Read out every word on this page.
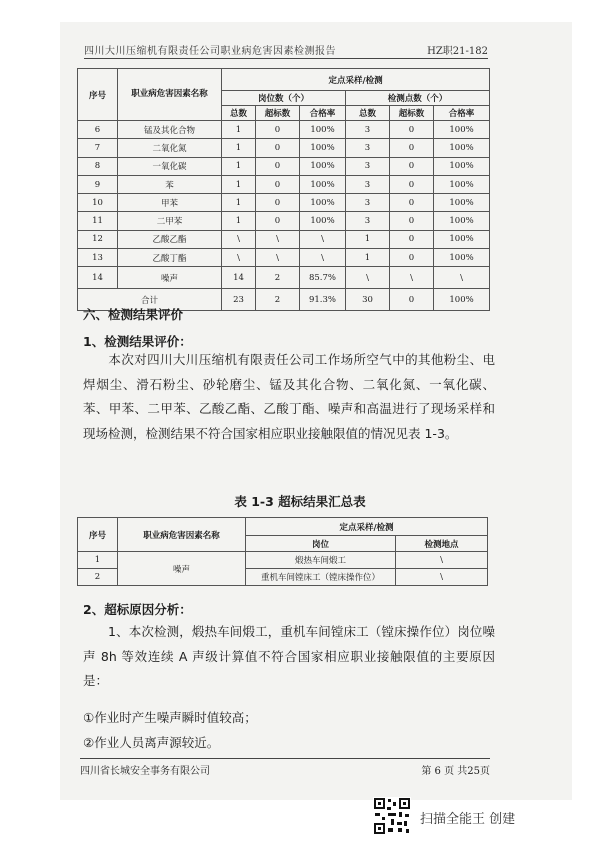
四川大川压缩机有限责任公司职业病危害因素检测报告	HZ职21-182
序号	职业病危害因素名称	定点采样/检测					
		岗位数（个）			检测点数（个）		
		总数	超标数	合格率	总数	超标数	合格率
6	锰及其化合物	1	0	100%	3	0	100%
7	二氧化氮	1	0	100%	3	0	100%
8	一氧化碳	1	0	100%	3	0	100%
9	苯	1	0	100%	3	0	100%
10	甲苯	1	0	100%	3	0	100%
11	二甲苯	1	0	100%	3	0	100%
12	乙酸乙酯	\	\	\	1	0	100%
13	乙酸丁酯	\	\	\	1	0	100%
14	噪声	14	2	85.7%	\	\	\
合计		23	2	91.3%	30	0	100%
六、检测结果评价
1、检测结果评价：
本次对四川大川压缩机有限责任公司工作场所空气中的其他粉尘、电焊烟尘、滑石粉尘、砂轮磨尘、锰及其化合物、二氧化氮、一氧化碳、苯、甲苯、二甲苯、乙酸乙酯、乙酸丁酯、噪声和高温进行了现场采样和现场检测，检测结果不符合国家相应职业接触限值的情况见表 1-3。
表 1-3 超标结果汇总表
序号	职业病危害因素名称	定点采样/检测	
		岗位	检测地点
1	噪声	煅热车间煅工	\
2		重机车间镗床工（镗床操作位）	\
2、超标原因分析：
1、本次检测，煅热车间煅工，重机车间镗床工（镗床操作位）岗位噪声 8h 等效连续 A 声级计算值不符合国家相应职业接触限值的主要原因是：
①作业时产生噪声瞬时值较高；
②作业人员离声源较近。
四川省长城安全事务有限公司	第 6 页 共25页
扫描全能王 创建
